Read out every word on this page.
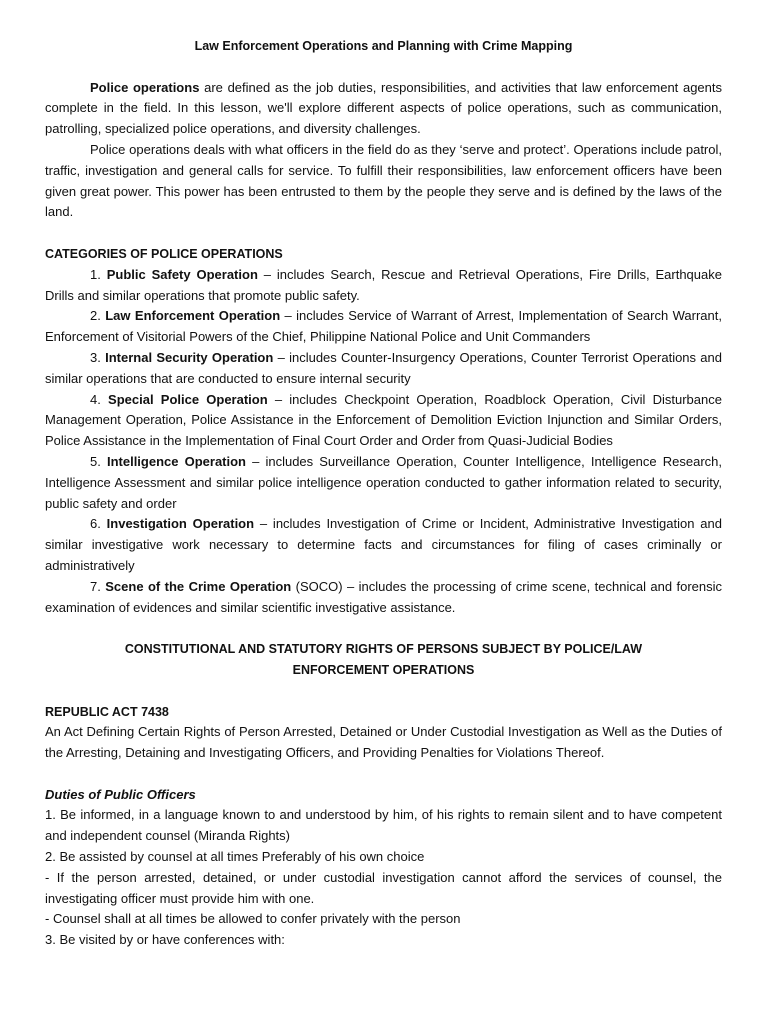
Law Enforcement Operations and Planning with Crime Mapping

Police operations are defined as the job duties, responsibilities, and activities that law enforcement agents complete in the field. In this lesson, we'll explore different aspects of police operations, such as communication, patrolling, specialized police operations, and diversity challenges.

Police operations deals with what officers in the field do as they ‘serve and protect’. Operations include patrol, traffic, investigation and general calls for service. To fulfill their responsibilities, law enforcement officers have been given great power. This power has been entrusted to them by the people they serve and is defined by the laws of the land.

CATEGORIES OF POLICE OPERATIONS

1. Public Safety Operation – includes Search, Rescue and Retrieval Operations, Fire Drills, Earthquake Drills and similar operations that promote public safety.

2. Law Enforcement Operation – includes Service of Warrant of Arrest, Implementation of Search Warrant, Enforcement of Visitorial Powers of the Chief, Philippine National Police and Unit Commanders

3. Internal Security Operation – includes Counter-Insurgency Operations, Counter Terrorist Operations and similar operations that are conducted to ensure internal security

4. Special Police Operation – includes Checkpoint Operation, Roadblock Operation, Civil Disturbance Management Operation, Police Assistance in the Enforcement of Demolition Eviction Injunction and Similar Orders, Police Assistance in the Implementation of Final Court Order and Order from Quasi-Judicial Bodies

5. Intelligence Operation – includes Surveillance Operation, Counter Intelligence, Intelligence Research, Intelligence Assessment and similar police intelligence operation conducted to gather information related to security, public safety and order

6. Investigation Operation – includes Investigation of Crime or Incident, Administrative Investigation and similar investigative work necessary to determine facts and circumstances for filing of cases criminally or administratively

7. Scene of the Crime Operation (SOCO) – includes the processing of crime scene, technical and forensic examination of evidences and similar scientific investigative assistance.

CONSTITUTIONAL AND STATUTORY RIGHTS OF PERSONS SUBJECT BY POLICE/LAW

ENFORCEMENT OPERATIONS

REPUBLIC ACT 7438

An Act Defining Certain Rights of Person Arrested, Detained or Under Custodial Investigation as Well as the Duties of the Arresting, Detaining and Investigating Officers, and Providing Penalties for Violations Thereof.

Duties of Public Officers

1. Be informed, in a language known to and understood by him, of his rights to remain silent and to have competent and independent counsel (Miranda Rights)

2. Be assisted by counsel at all times Preferably of his own choice

- If the person arrested, detained, or under custodial investigation cannot afford the services of counsel, the investigating officer must provide him with one.

- Counsel shall at all times be allowed to confer privately with the person

3. Be visited by or have conferences with:
